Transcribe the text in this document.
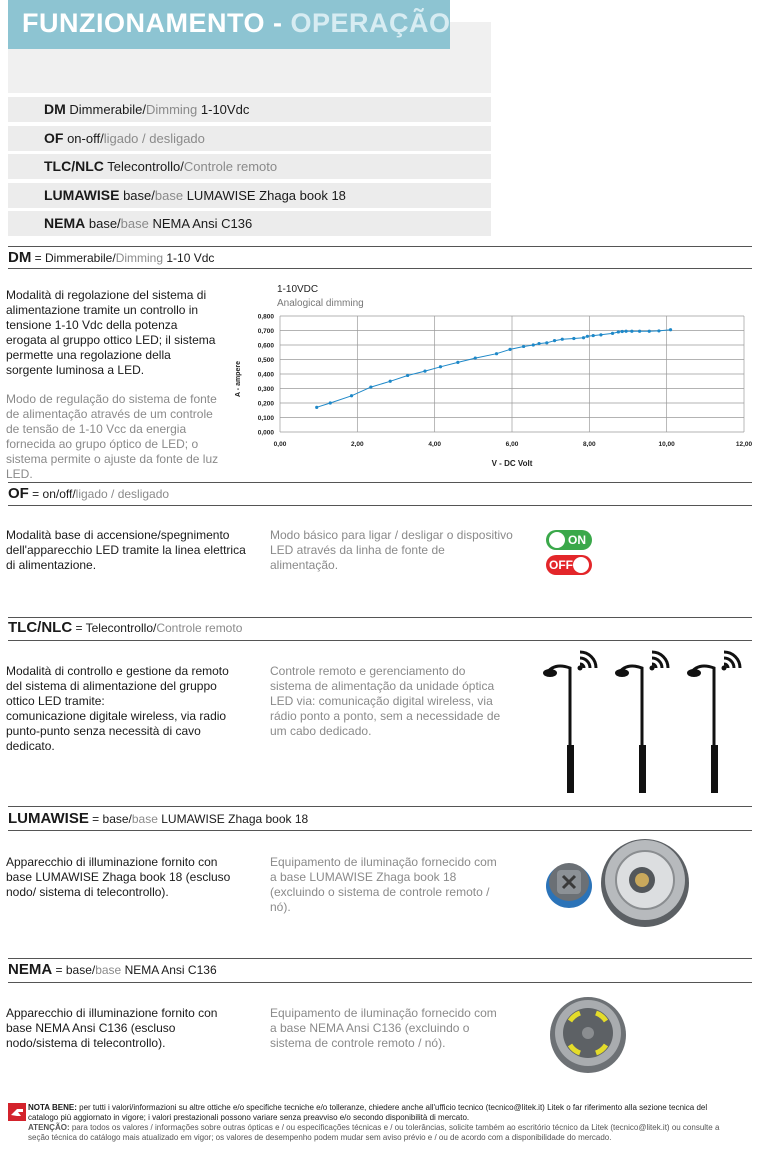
FUNZIONAMENTO - OPERAÇÃO
DM Dimmerabile/Dimming 1-10Vdc
OF on-off/ligado / desligado
TLC/NLC Telecontrollo/Controle remoto
LUMAWISE base/base LUMAWISE Zhaga book 18
NEMA base/base NEMA Ansi C136
DM = Dimmerabile/Dimming 1-10 Vdc
Modalità di regolazione del sistema di alimentazione tramite un controllo in tensione 1-10 Vdc della potenza erogata al gruppo ottico LED; il sistema permette una regolazione della sorgente luminosa a LED.
Modo de regulação do sistema de fonte de alimentação através de um controle de tensão de 1-10 Vcc da energia fornecida ao grupo óptico de LED; o sistema permite o ajuste da fonte de luz LED.
1-10VDC
Analogical dimming
0,000
0,100
0,200
0,300
0,400
0,500
0,600
0,700
0,800
0,00	2,00	4,00	6,00	8,00	10,00	12,00
A - ampere
V - DC Volt
OF = on/off/ligado / desligado
Modalità base di accensione/spegnimento dell'apparecchio LED tramite la linea elettrica di alimentazione.
Modo básico para ligar / desligar o dispositivo LED através da linha de fonte de alimentação.
ON
OFF
TLC/NLC = Telecontrollo/Controle remoto
Modalità di controllo e gestione da remoto del sistema di alimentazione del gruppo ottico LED tramite:
comunicazione digitale wireless, via radio punto-punto senza necessità di cavo dedicato.
Controle remoto e gerenciamento do sistema de alimentação da unidade óptica LED via: comunicação digital wireless, via rádio ponto a ponto, sem a necessidade de um cabo dedicado.
LUMAWISE = base/base LUMAWISE Zhaga book 18
Apparecchio di illuminazione fornito con base LUMAWISE Zhaga book 18 (escluso nodo/ sistema di telecontrollo).
Equipamento de iluminação fornecido com a base LUMAWISE Zhaga book 18 (excluindo o sistema de controle remoto / nó).
NEMA = base/base NEMA Ansi C136
Apparecchio di illuminazione fornito con base NEMA Ansi C136 (escluso nodo/sistema di telecontrollo).
Equipamento de iluminação fornecido com a base NEMA Ansi C136 (excluindo o sistema de controle remoto / nó).
NOTA BENE: per tutti i valori/informazioni su altre ottiche e/o specifiche tecniche e/o tolleranze, chiedere anche all'ufficio tecnico (tecnico@litek.it) Litek o far riferimento alla sezione tecnica del catalogo più aggiornato in vigore; i valori prestazionali possono variare senza preavviso e/o secondo disponibilità di mercato.
ATENÇÃO: para todos os valores / informações sobre outras ópticas e / ou especificações técnicas e / ou tolerâncias, solicite também ao escritório técnico da Litek (tecnico@litek.it) ou consulte a seção técnica do catálogo mais atualizado em vigor; os valores de desempenho podem mudar sem aviso prévio e / ou de acordo com a disponibilidade do mercado.
